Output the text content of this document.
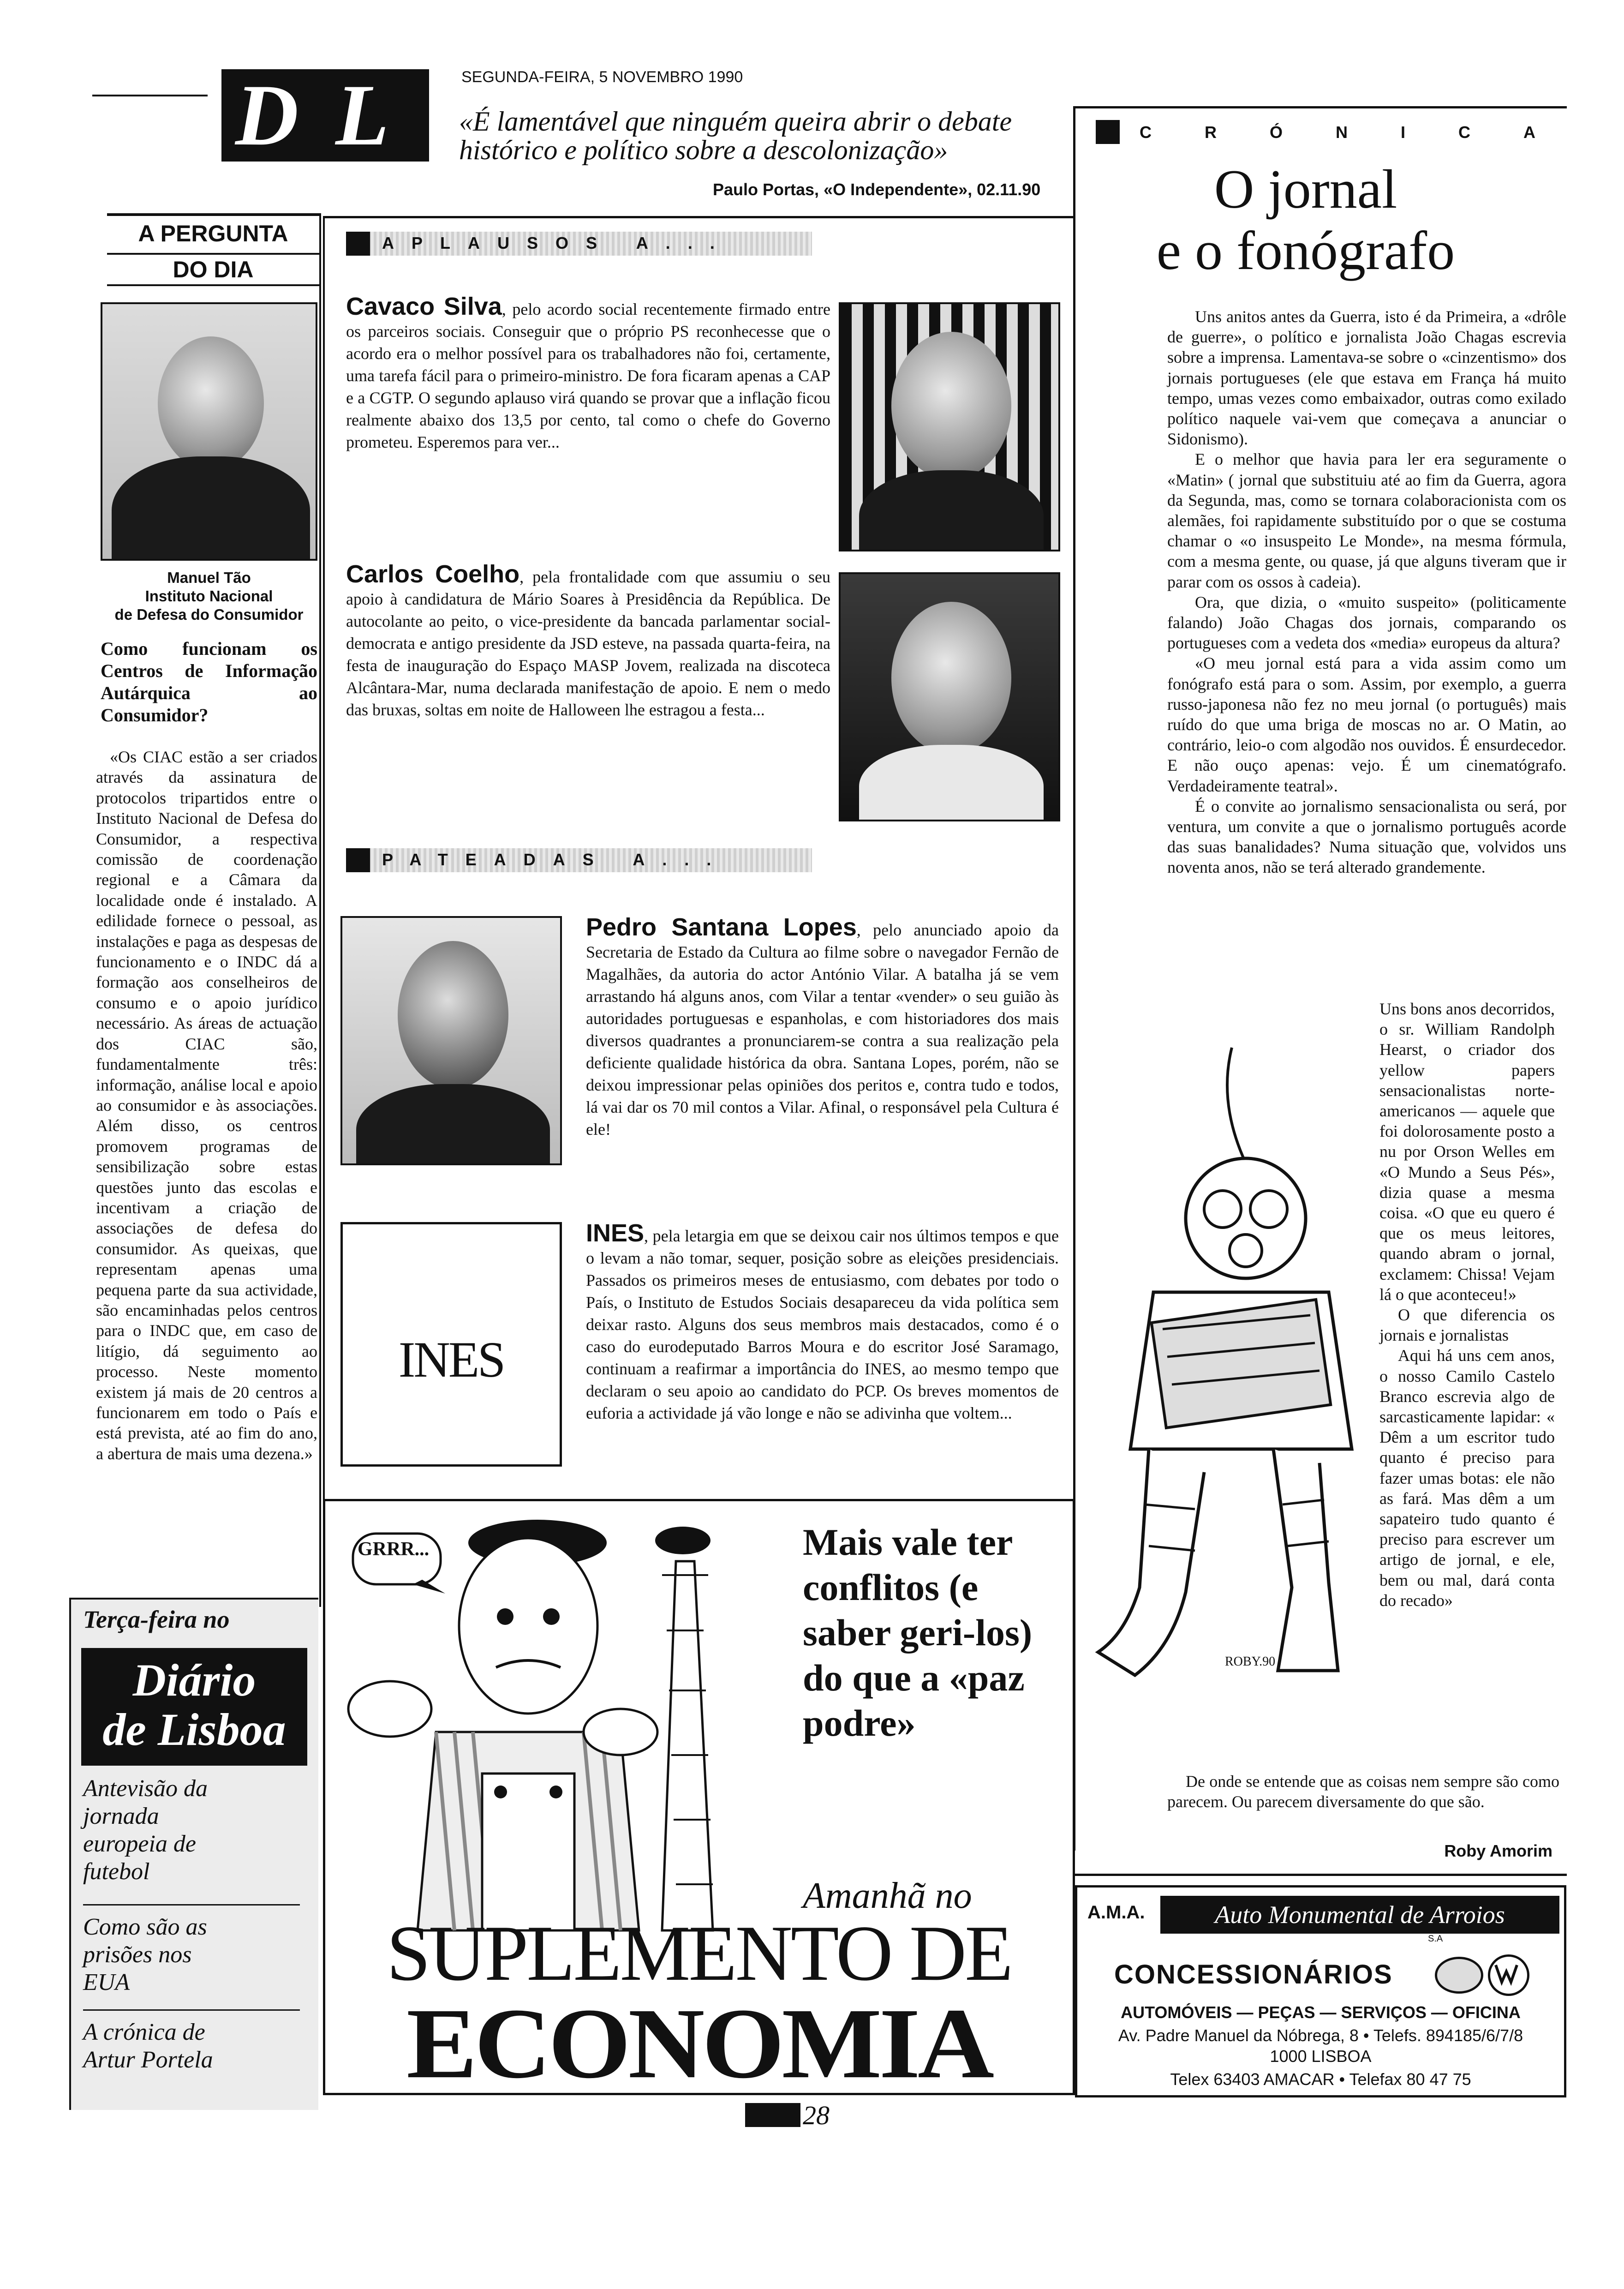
SEGUNDA-FEIRA, 5 NOVEMBRO 1990
DL «É lamentável que ninguém queira abrir o debate histórico e político sobre a descolonização»
Paulo Portas, «O Independente», 02.11.90
A PERGUNTA
DO DIA
Manuel Tão
Instituto Nacional
de Defesa do Consumidor
Como funcionam os Centros de Informação Autárquica ao Consumidor?
«Os CIAC estão a ser criados através da assinatura de protocolos tripartidos entre o Instituto Nacional de Defesa do Consumidor, a respectiva comissão de coordenação regional e a Câmara da localidade onde é instalado. A edilidade fornece o pessoal, as instalações e paga as despesas de funcionamento e o INDC dá a formação aos conselheiros de consumo e o apoio jurídico necessário. As áreas de actuação dos CIAC são, fundamentalmente três: informação, análise local e apoio ao consumidor e às associações. Além disso, os centros promovem programas de sensibilização sobre estas questões junto das escolas e incentivam a criação de associações de defesa do consumidor. As queixas, que representam apenas uma pequena parte da sua actividade, são encaminhadas pelos centros para o INDC que, em caso de litígio, dá seguimento ao processo. Neste momento existem já mais de 20 centros a funcionarem em todo o País e está prevista, até ao fim do ano, a abertura de mais uma dezena.»
Terça-feira no
Diário
de Lisboa
Antevisão da jornada europeia de futebol
Como são as prisões nos EUA
A crónica de Artur Portela
APLAUSOS A...
Cavaco Silva, pelo acordo social recentemente firmado entre os parceiros sociais. Conseguir que o próprio PS reconhecesse que o acordo era o melhor possível para os trabalhadores não foi, certamente, uma tarefa fácil para o primeiro-ministro. De fora ficaram apenas a CAP e a CGTP. O segundo aplauso virá quando se provar que a inflação ficou realmente abaixo dos 13,5 por cento, tal como o chefe do Governo prometeu. Esperemos para ver...
Carlos Coelho, pela frontalidade com que assumiu o seu apoio à candidatura de Mário Soares à Presidência da República. De autocolante ao peito, o vice-presidente da bancada parlamentar social-democrata e antigo presidente da JSD esteve, na passada quarta-feira, na festa de inauguração do Espaço MASP Jovem, realizada na discoteca Alcântara-Mar, numa declarada manifestação de apoio. E nem o medo das bruxas, soltas em noite de Halloween lhe estragou a festa...
PATEADAS A...
Pedro Santana Lopes, pelo anunciado apoio da Secretaria de Estado da Cultura ao filme sobre o navegador Fernão de Magalhães, da autoria do actor António Vilar. A batalha já se vem arrastando há alguns anos, com Vilar a tentar «vender» o seu guião às autoridades portuguesas e espanholas, e com historiadores dos mais diversos quadrantes a pronunciarem-se contra a sua realização pela deficiente qualidade histórica da obra. Santana Lopes, porém, não se deixou impressionar pelas opiniões dos peritos e, contra tudo e todos, lá vai dar os 70 mil contos a Vilar. Afinal, o responsável pela Cultura é ele!
INES
INES, pela letargia em que se deixou cair nos últimos tempos e que o levam a não tomar, sequer, posição sobre as eleições presidenciais. Passados os primeiros meses de entusiasmo, com debates por todo o País, o Instituto de Estudos Sociais desapareceu da vida política sem deixar rasto. Alguns dos seus membros mais destacados, como é o caso do eurodeputado Barros Moura e do escritor José Saramago, continuam a reafirmar a importância do INES, ao mesmo tempo que declaram o seu apoio ao candidato do PCP. Os breves momentos de euforia a actividade já vão longe e não se adivinha que voltem...
GRRR...	Mais vale ter conflitos (e saber geri-los) do que a «paz podre»
Amanhã no
SUPLEMENTO DE
ECONOMIA
CRÓNICA
O jornal
e o fonógrafo

Uns anitos antes da Guerra, isto é da Primeira, a «drôle de guerre», o político e jornalista João Chagas escrevia sobre a imprensa. Lamentava-se sobre o «cinzentismo» dos jornais portugueses (ele que estava em França há muito tempo, umas vezes como embaixador, outras como exilado político naquele vai-vem que começava a anunciar o Sidonismo).

E o melhor que havia para ler era seguramente o «Matin» ( jornal que substituiu até ao fim da Guerra, agora da Segunda, mas, como se tornara colaboracionista com os alemães, foi rapidamente substituído por o que se costuma chamar o «o insuspeito Le Monde», na mesma fórmula, com a mesma gente, ou quase, já que alguns tiveram que ir parar com os ossos à cadeia).

Ora, que dizia, o «muito suspeito» (politicamente falando) João Chagas dos jornais, comparando os portugueses com a vedeta dos «media» europeus da altura?

«O meu jornal está para a vida assim como um fonógrafo está para o som. Assim, por exemplo, a guerra russo-japonesa não fez no meu jornal (o português) mais ruído do que uma briga de moscas no ar. O Matin, ao contrário, leio-o com algodão nos ouvidos. É ensurdecedor. E não ouço apenas: vejo. É um cinematógrafo. Verdadeiramente teatral».

É o convite ao jornalismo sensacionalista ou será, por ventura, um convite a que o jornalismo português acorde das suas banalidades? Numa situação que, volvidos uns noventa anos, não se terá alterado grandemente.

ROBY.90

Uns bons anos decorridos, o sr. William Randolph Hearst, o criador dos yellow papers sensacionalistas norte-americanos — aquele que foi dolorosamente posto a nu por Orson Welles em «O Mundo a Seus Pés», dizia quase a mesma coisa. «O que eu quero é que os meus leitores, quando abram o jornal, exclamem: Chissa! Vejam lá o que aconteceu!»

O que diferencia os jornais e jornalistas

Aqui há uns cem anos, o nosso Camilo Castelo Branco escrevia algo de sarcasticamente lapidar: « Dêm a um escritor tudo quanto é preciso para fazer umas botas: ele não as fará. Mas dêm a um sapateiro tudo quanto é preciso para escrever um artigo de jornal, e ele, bem ou mal, dará conta do recado»

De onde se entende que as coisas nem sempre são como parecem. Ou parecem diversamente do que são.

Roby Amorim
A.M.A.	Auto Monumental de Arroios
S.A
CONCESSIONÁRIOS
AUTOMÓVEIS — PEÇAS — SERVIÇOS — OFICINA
Av. Padre Manuel da Nóbrega, 8 • Telefs. 894185/6/7/8
1000 LISBOA
Telex 63403 AMACAR • Telefax 80 47 75
28
